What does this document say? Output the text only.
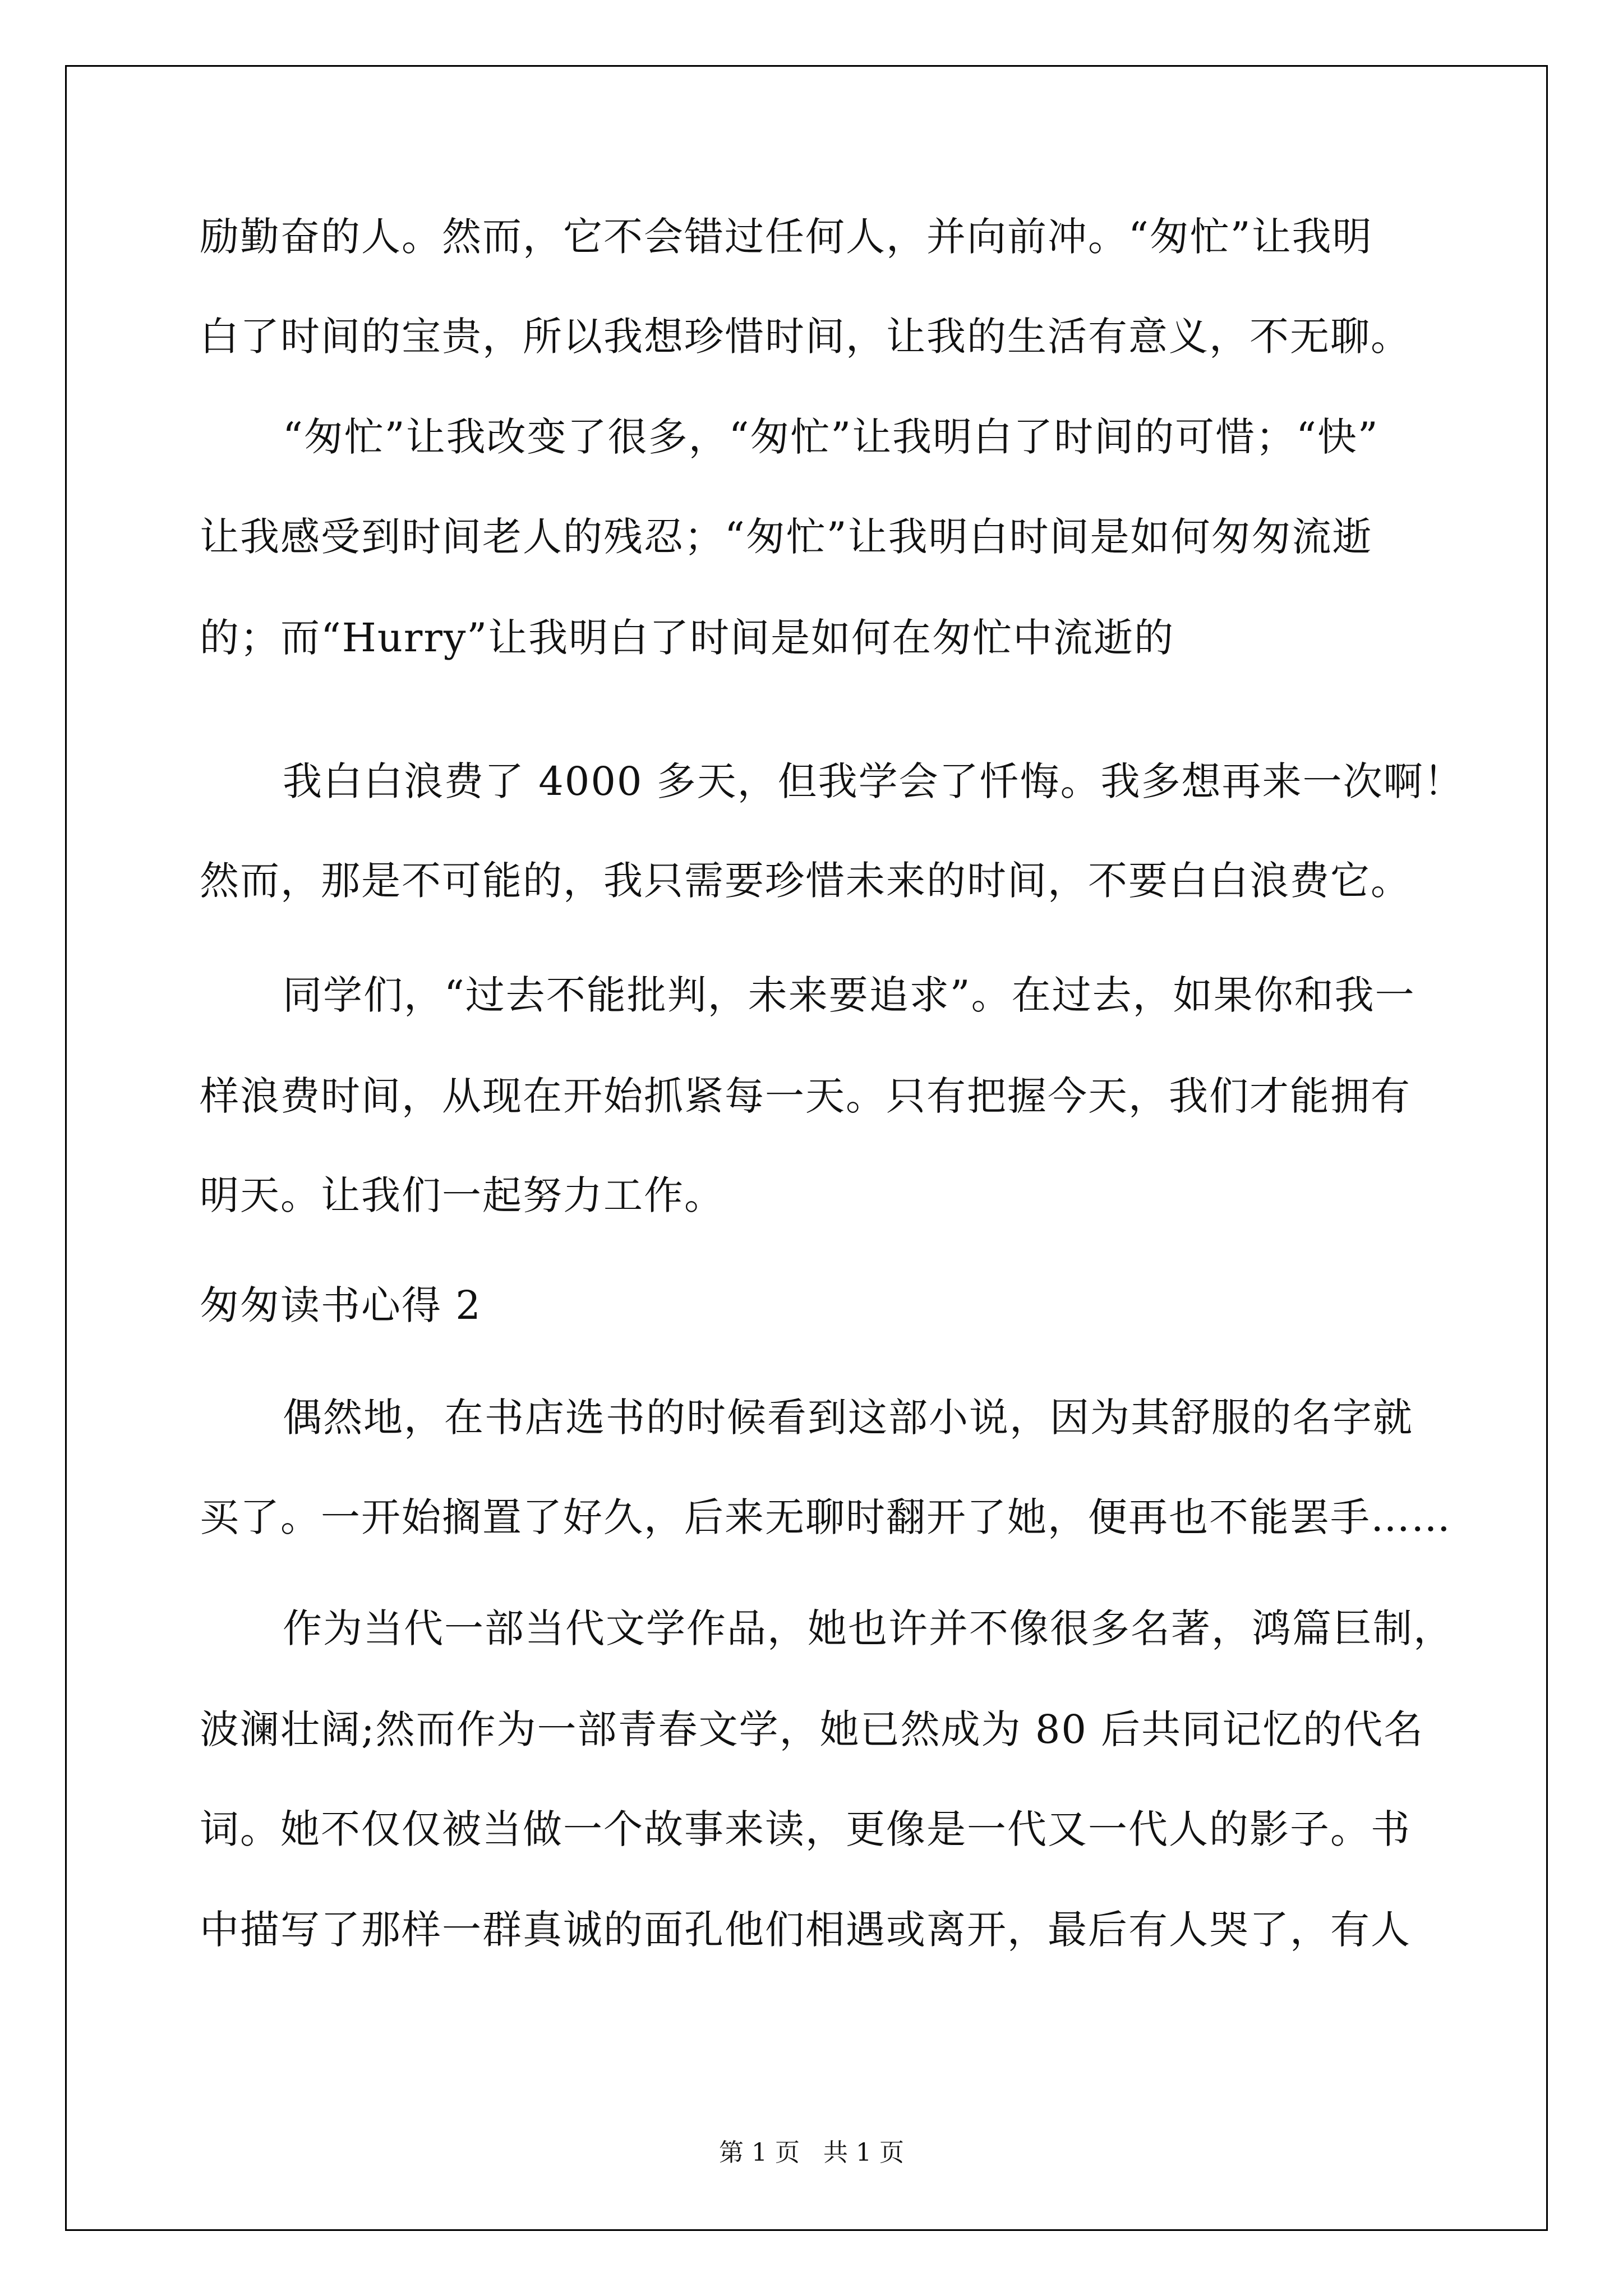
励勤奋的人。然而，它不会错过任何人，并向前冲。“匆忙”让我明
白了时间的宝贵，所以我想珍惜时间，让我的生活有意义，不无聊。
“匆忙”让我改变了很多，“匆忙”让我明白了时间的可惜；“快”
让我感受到时间老人的残忍；“匆忙”让我明白时间是如何匆匆流逝
的；而“Hurry”让我明白了时间是如何在匆忙中流逝的
我白白浪费了 4000 多天，但我学会了忏悔。我多想再来一次啊！
然而，那是不可能的，我只需要珍惜未来的时间，不要白白浪费它。
同学们，“过去不能批判，未来要追求”。在过去，如果你和我一
样浪费时间，从现在开始抓紧每一天。只有把握今天，我们才能拥有
明天。让我们一起努力工作。
匆匆读书心得 2
偶然地，在书店选书的时候看到这部小说，因为其舒服的名字就
买了。一开始搁置了好久，后来无聊时翻开了她，便再也不能罢手……
作为当代一部当代文学作品，她也许并不像很多名著，鸿篇巨制，
波澜壮阔;然而作为一部青春文学，她已然成为 80 后共同记忆的代名
词。她不仅仅被当做一个故事来读，更像是一代又一代人的影子。书
中描写了那样一群真诚的面孔他们相遇或离开，最后有人哭了，有人
第 1 页   共 1 页
